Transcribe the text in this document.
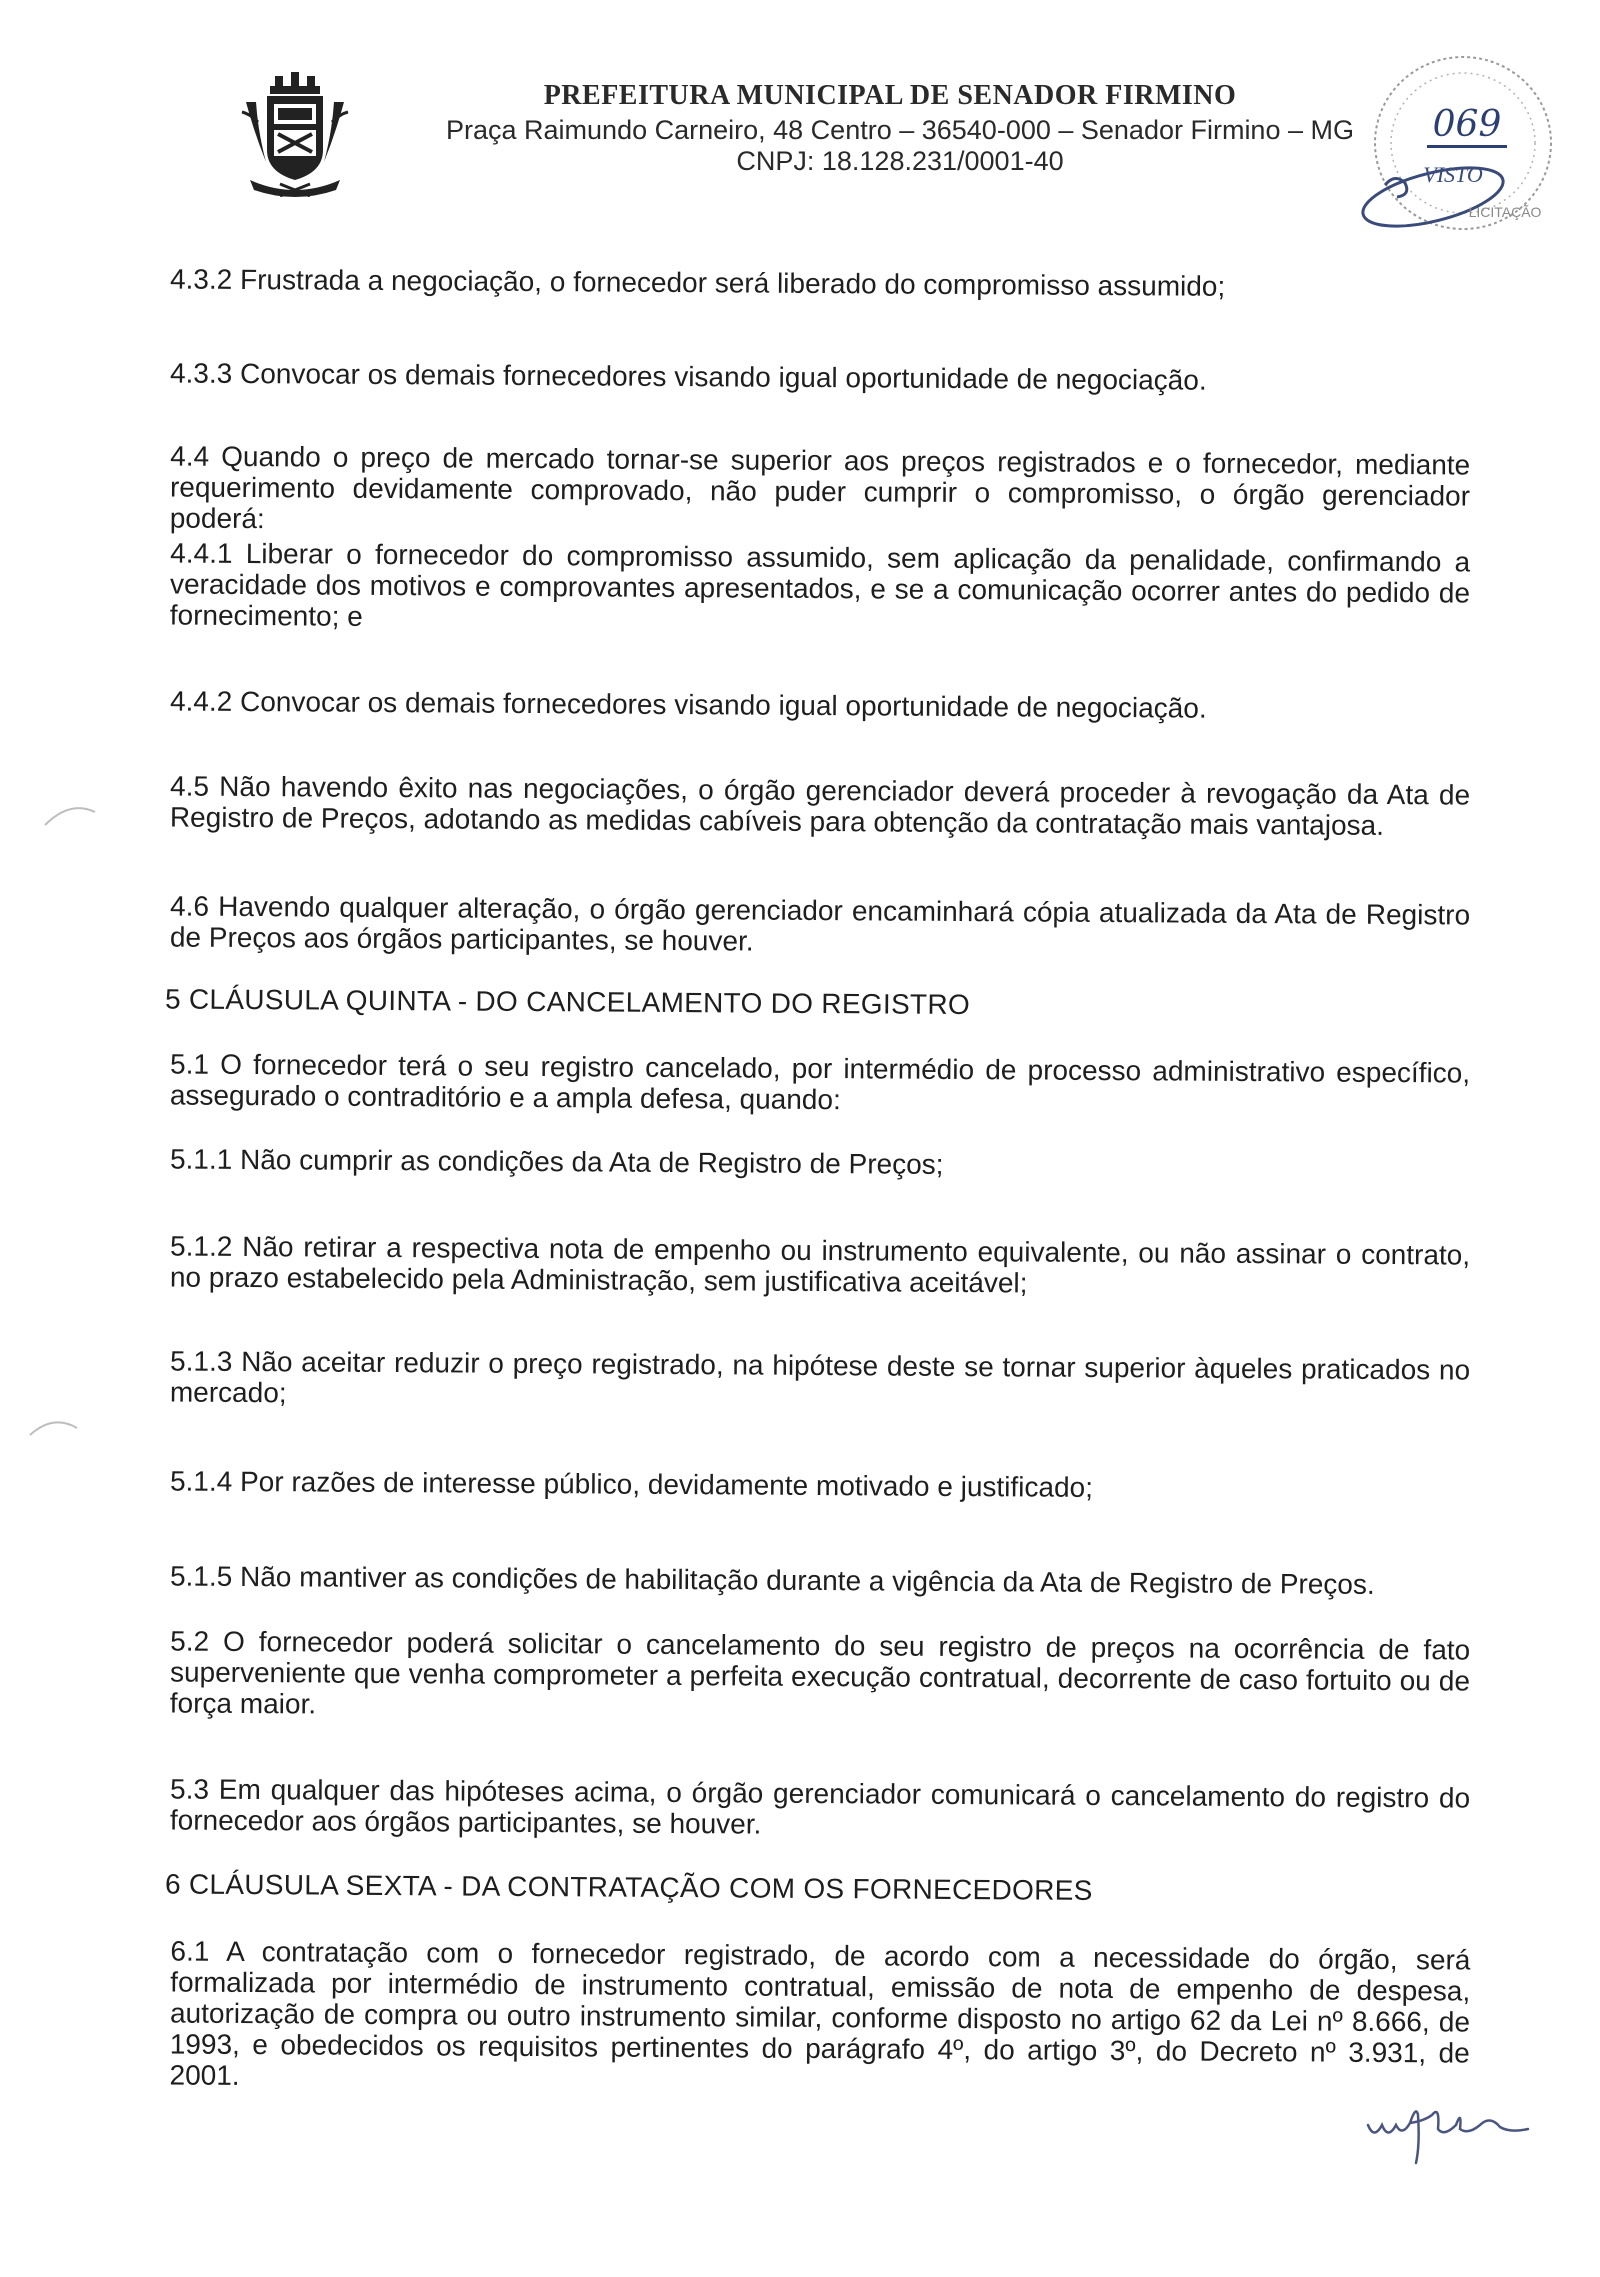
PREFEITURA MUNICIPAL DE SENADOR FIRMINO
Praça Raimundo Carneiro, 48 Centro – 36540-000 – Senador Firmino – MG
CNPJ: 18.128.231/0001-40	VISTO
LICITAÇÃO
069
4.3.2 Frustrada a negociação, o fornecedor será liberado do compromisso assumido;
4.3.3 Convocar os demais fornecedores visando igual oportunidade de negociação.
4.4 Quando o preço de mercado tornar-se superior aos preços registrados e o fornecedor, mediante requerimento devidamente comprovado, não puder cumprir o compromisso, o órgão gerenciador poderá:
4.4.1 Liberar o fornecedor do compromisso assumido, sem aplicação da penalidade, confirmando a veracidade dos motivos e comprovantes apresentados, e se a comunicação ocorrer antes do pedido de fornecimento; e
4.4.2 Convocar os demais fornecedores visando igual oportunidade de negociação.
4.5 Não havendo êxito nas negociações, o órgão gerenciador deverá proceder à revogação da Ata de Registro de Preços, adotando as medidas cabíveis para obtenção da contratação mais vantajosa.
4.6 Havendo qualquer alteração, o órgão gerenciador encaminhará cópia atualizada da Ata de Registro de Preços aos órgãos participantes, se houver.
5 CLÁUSULA QUINTA - DO CANCELAMENTO DO REGISTRO
5.1 O fornecedor terá o seu registro cancelado, por intermédio de processo administrativo específico, assegurado o contraditório e a ampla defesa, quando:
5.1.1 Não cumprir as condições da Ata de Registro de Preços;
5.1.2 Não retirar a respectiva nota de empenho ou instrumento equivalente, ou não assinar o contrato, no prazo estabelecido pela Administração, sem justificativa aceitável;
5.1.3 Não aceitar reduzir o preço registrado, na hipótese deste se tornar superior àqueles praticados no mercado;
5.1.4 Por razões de interesse público, devidamente motivado e justificado;
5.1.5 Não mantiver as condições de habilitação durante a vigência da Ata de Registro de Preços.
5.2 O fornecedor poderá solicitar o cancelamento do seu registro de preços na ocorrência de fato superveniente que venha comprometer a perfeita execução contratual, decorrente de caso fortuito ou de força maior.
5.3 Em qualquer das hipóteses acima, o órgão gerenciador comunicará o cancelamento do registro do fornecedor aos órgãos participantes, se houver.
6 CLÁUSULA SEXTA - DA CONTRATAÇÃO COM OS FORNECEDORES
6.1 A contratação com o fornecedor registrado, de acordo com a necessidade do órgão, será formalizada por intermédio de instrumento contratual, emissão de nota de empenho de despesa, autorização de compra ou outro instrumento similar, conforme disposto no artigo 62 da Lei nº 8.666, de 1993, e obedecidos os requisitos pertinentes do parágrafo 4º, do artigo 3º, do Decreto nº 3.931, de 2001.
